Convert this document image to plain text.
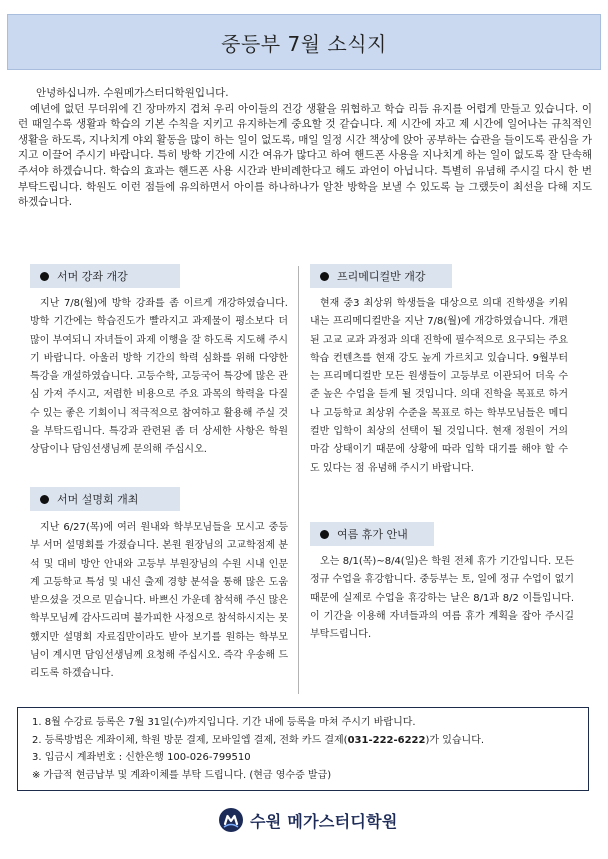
중등부 7월 소식지

안녕하십니까. 수원메가스터디학원입니다.

예년에 없던 무더위에 긴 장마까지 겹쳐 우리 아이들의 건강 생활을 위협하고 학습 리듬 유지를 어렵게 만들고 있습니다. 이런 때일수록 생활과 학습의 기본 수칙을 지키고 유지하는게 중요할 것 같습니다. 제 시간에 자고 제 시간에 일어나는 규칙적인 생활을 하도록, 지나치게 야외 활동을 많이 하는 일이 없도록, 매일 일정 시간 책상에 앉아 공부하는 습관을 들이도록 관심을 가지고 이끌어 주시기 바랍니다. 특히 방학 기간에 시간 여유가 많다고 하여 핸드폰 사용을 지나치게 하는 일이 없도록 잘 단속해 주셔야 하겠습니다. 학습의 효과는 핸드폰 사용 시간과 반비례한다고 해도 과언이 아닙니다. 특별히 유념해 주시길 다시 한 번 부탁드립니다. 학원도 이런 점들에 유의하면서 아이를 하나하나가 알찬 방학을 보낼 수 있도록 늘 그랬듯이 최선을 다해 지도하겠습니다.

서머 강좌 개강

지난 7/8(월)에 방학 강좌를 좀 이르게 개강하였습니다. 방학 기간에는 학습진도가 빨라지고 과제물이 평소보다 더 많이 부여되니 자녀들이 과제 이행을 잘 하도록 지도해 주시기 바랍니다. 아울러 방학 기간의 학력 심화를 위해 다양한 특강을 개설하였습니다. 고등수학, 고등국어 특강에 많은 관심 가져 주시고, 저렴한 비용으로 주요 과목의 학력을 다질 수 있는 좋은 기회이니 적극적으로 참여하고 활용해 주실 것을 부탁드립니다. 특강과 관련된 좀 더 상세한 사항은 학원 상담이나 담임선생님께 문의해 주십시오.

서머 설명회 개최

지난 6/27(목)에 여러 원내와 학부모님들을 모시고 중등부 서머 설명회를 가졌습니다. 본원 원장님의 고교학점제 분석 및 대비 방안 안내와 고등부 부원장님의 수원 시내 인문계 고등학교 특성 및 내신 출제 경향 분석을 통해 많은 도움 받으셨을 것으로 믿습니다. 바쁘신 가운데 참석해 주신 많은 학부모님께 감사드리며 불가피한 사정으로 참석하시지는 못했지만 설명회 자료집만이라도 받아 보기를 원하는 학부모님이 계시면 담임선생님께 요청해 주십시오. 즉각 우송해 드리도록 하겠습니다.

프리메디컬반 개강

현재 중3 최상위 학생들을 대상으로 의대 진학생을 키워내는 프리메디컬반을 지난 7/8(월)에 개강하였습니다. 개편된 고교 교과 과정과 의대 진학에 필수적으로 요구되는 주요 학습 컨텐츠를 현재 강도 높게 가르치고 있습니다. 9월부터는 프리메디컬반 모든 원생들이 고등부로 이관되어 더욱 수준 높은 수업을 듣게 될 것입니다. 의대 진학을 목표로 하거나 고등학교 최상위 수준을 목표로 하는 학부모님들은 메디컬반 입학이 최상의 선택이 될 것입니다. 현재 정원이 거의 마감 상태이기 때문에 상황에 따라 입학 대기를 해야 할 수도 있다는 점 유념해 주시기 바랍니다.

여름 휴가 안내

오는 8/1(목)~8/4(일)은 학원 전체 휴가 기간입니다. 모든 정규 수업을 휴강합니다. 중등부는 토, 일에 정규 수업이 없기 때문에 실제로 수업을 휴강하는 날은 8/1과 8/2 이틀입니다. 이 기간을 이용해 자녀들과의 여름 휴가 계획을 잡아 주시길 부탁드립니다.

1. 8월 수강료 등록은 7월 31일(수)까지입니다. 기간 내에 등록을 마쳐 주시기 바랍니다.
2. 등록방법은 계좌이체, 학원 방문 결제, 모바일엡 결제, 전화 카드 결제(031-222-6222)가 있습니다.
3. 입금시 계좌번호 : 신한은행 100-026-799510
※ 가급적 현금납부 및 계좌이체를 부탁 드립니다. (현금 영수증 발급)
수원 메가스터디학원
